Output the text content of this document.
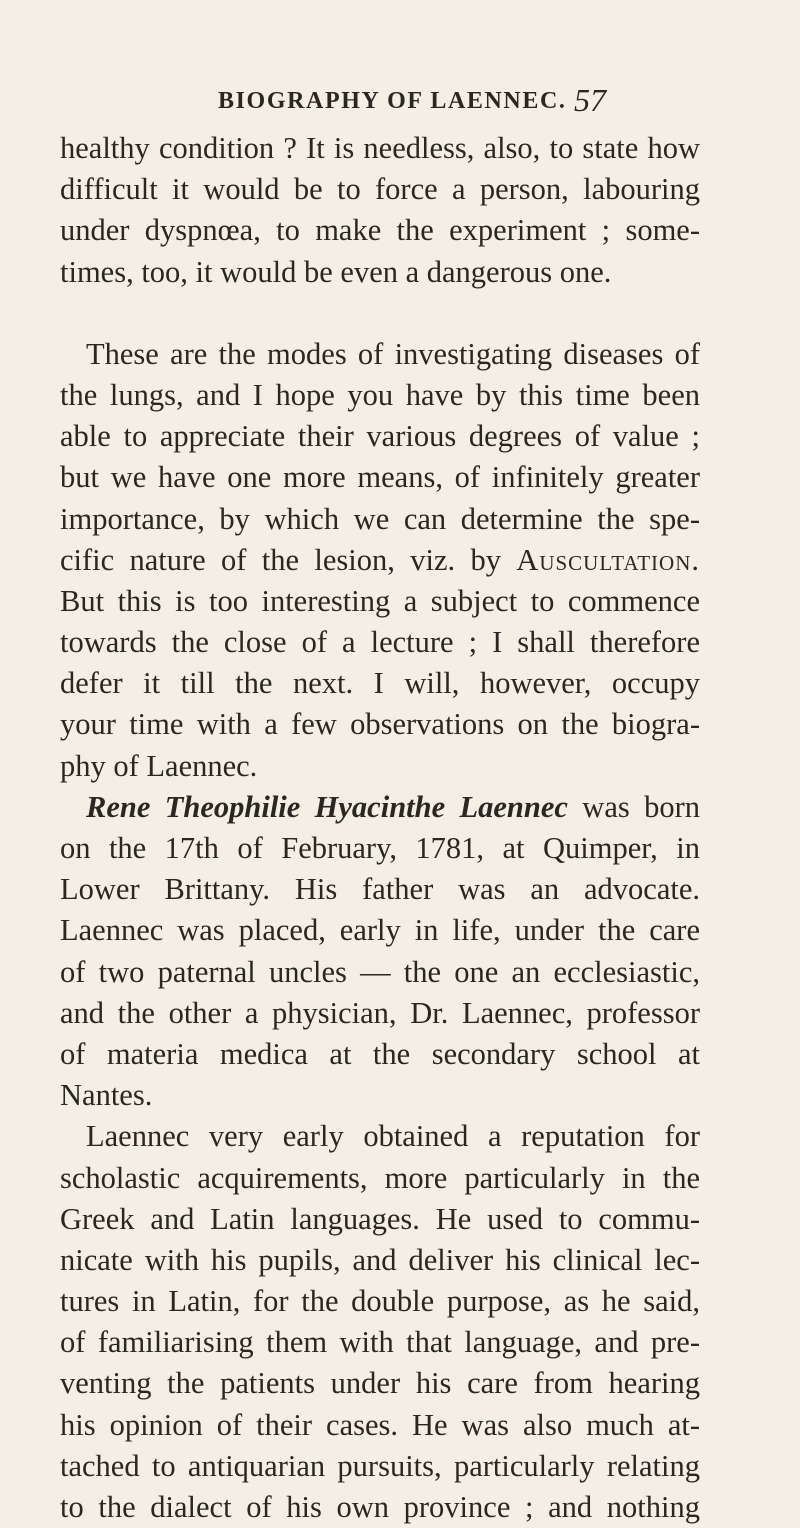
BIOGRAPHY OF LAENNEC. 57
healthy condition ? It is needless, also, to state how
difficult it would be to force a person, labouring
under dyspnœa, to make the experiment ; some-
times, too, it would be even a dangerous one.
These are the modes of investigating diseases of
the lungs, and I hope you have by this time been
able to appreciate their various degrees of value ;
but we have one more means, of infinitely greater
importance, by which we can determine the spe-
cific nature of the lesion, viz. by Auscultation.
But this is too interesting a subject to commence
towards the close of a lecture ; I shall therefore
defer it till the next. I will, however, occupy
your time with a few observations on the biogra-
phy of Laennec.
Rene Theophilie Hyacinthe Laennec was born
on the 17th of February, 1781, at Quimper, in
Lower Brittany. His father was an advocate.
Laennec was placed, early in life, under the care
of two paternal uncles — the one an ecclesiastic,
and the other a physician, Dr. Laennec, professor
of materia medica at the secondary school at
Nantes.
Laennec very early obtained a reputation for
scholastic acquirements, more particularly in the
Greek and Latin languages. He used to commu-
nicate with his pupils, and deliver his clinical lec-
tures in Latin, for the double purpose, as he said,
of familiarising them with that language, and pre-
venting the patients under his care from hearing
his opinion of their cases. He was also much at-
tached to antiquarian pursuits, particularly relating
to the dialect of his own province ; and nothing
